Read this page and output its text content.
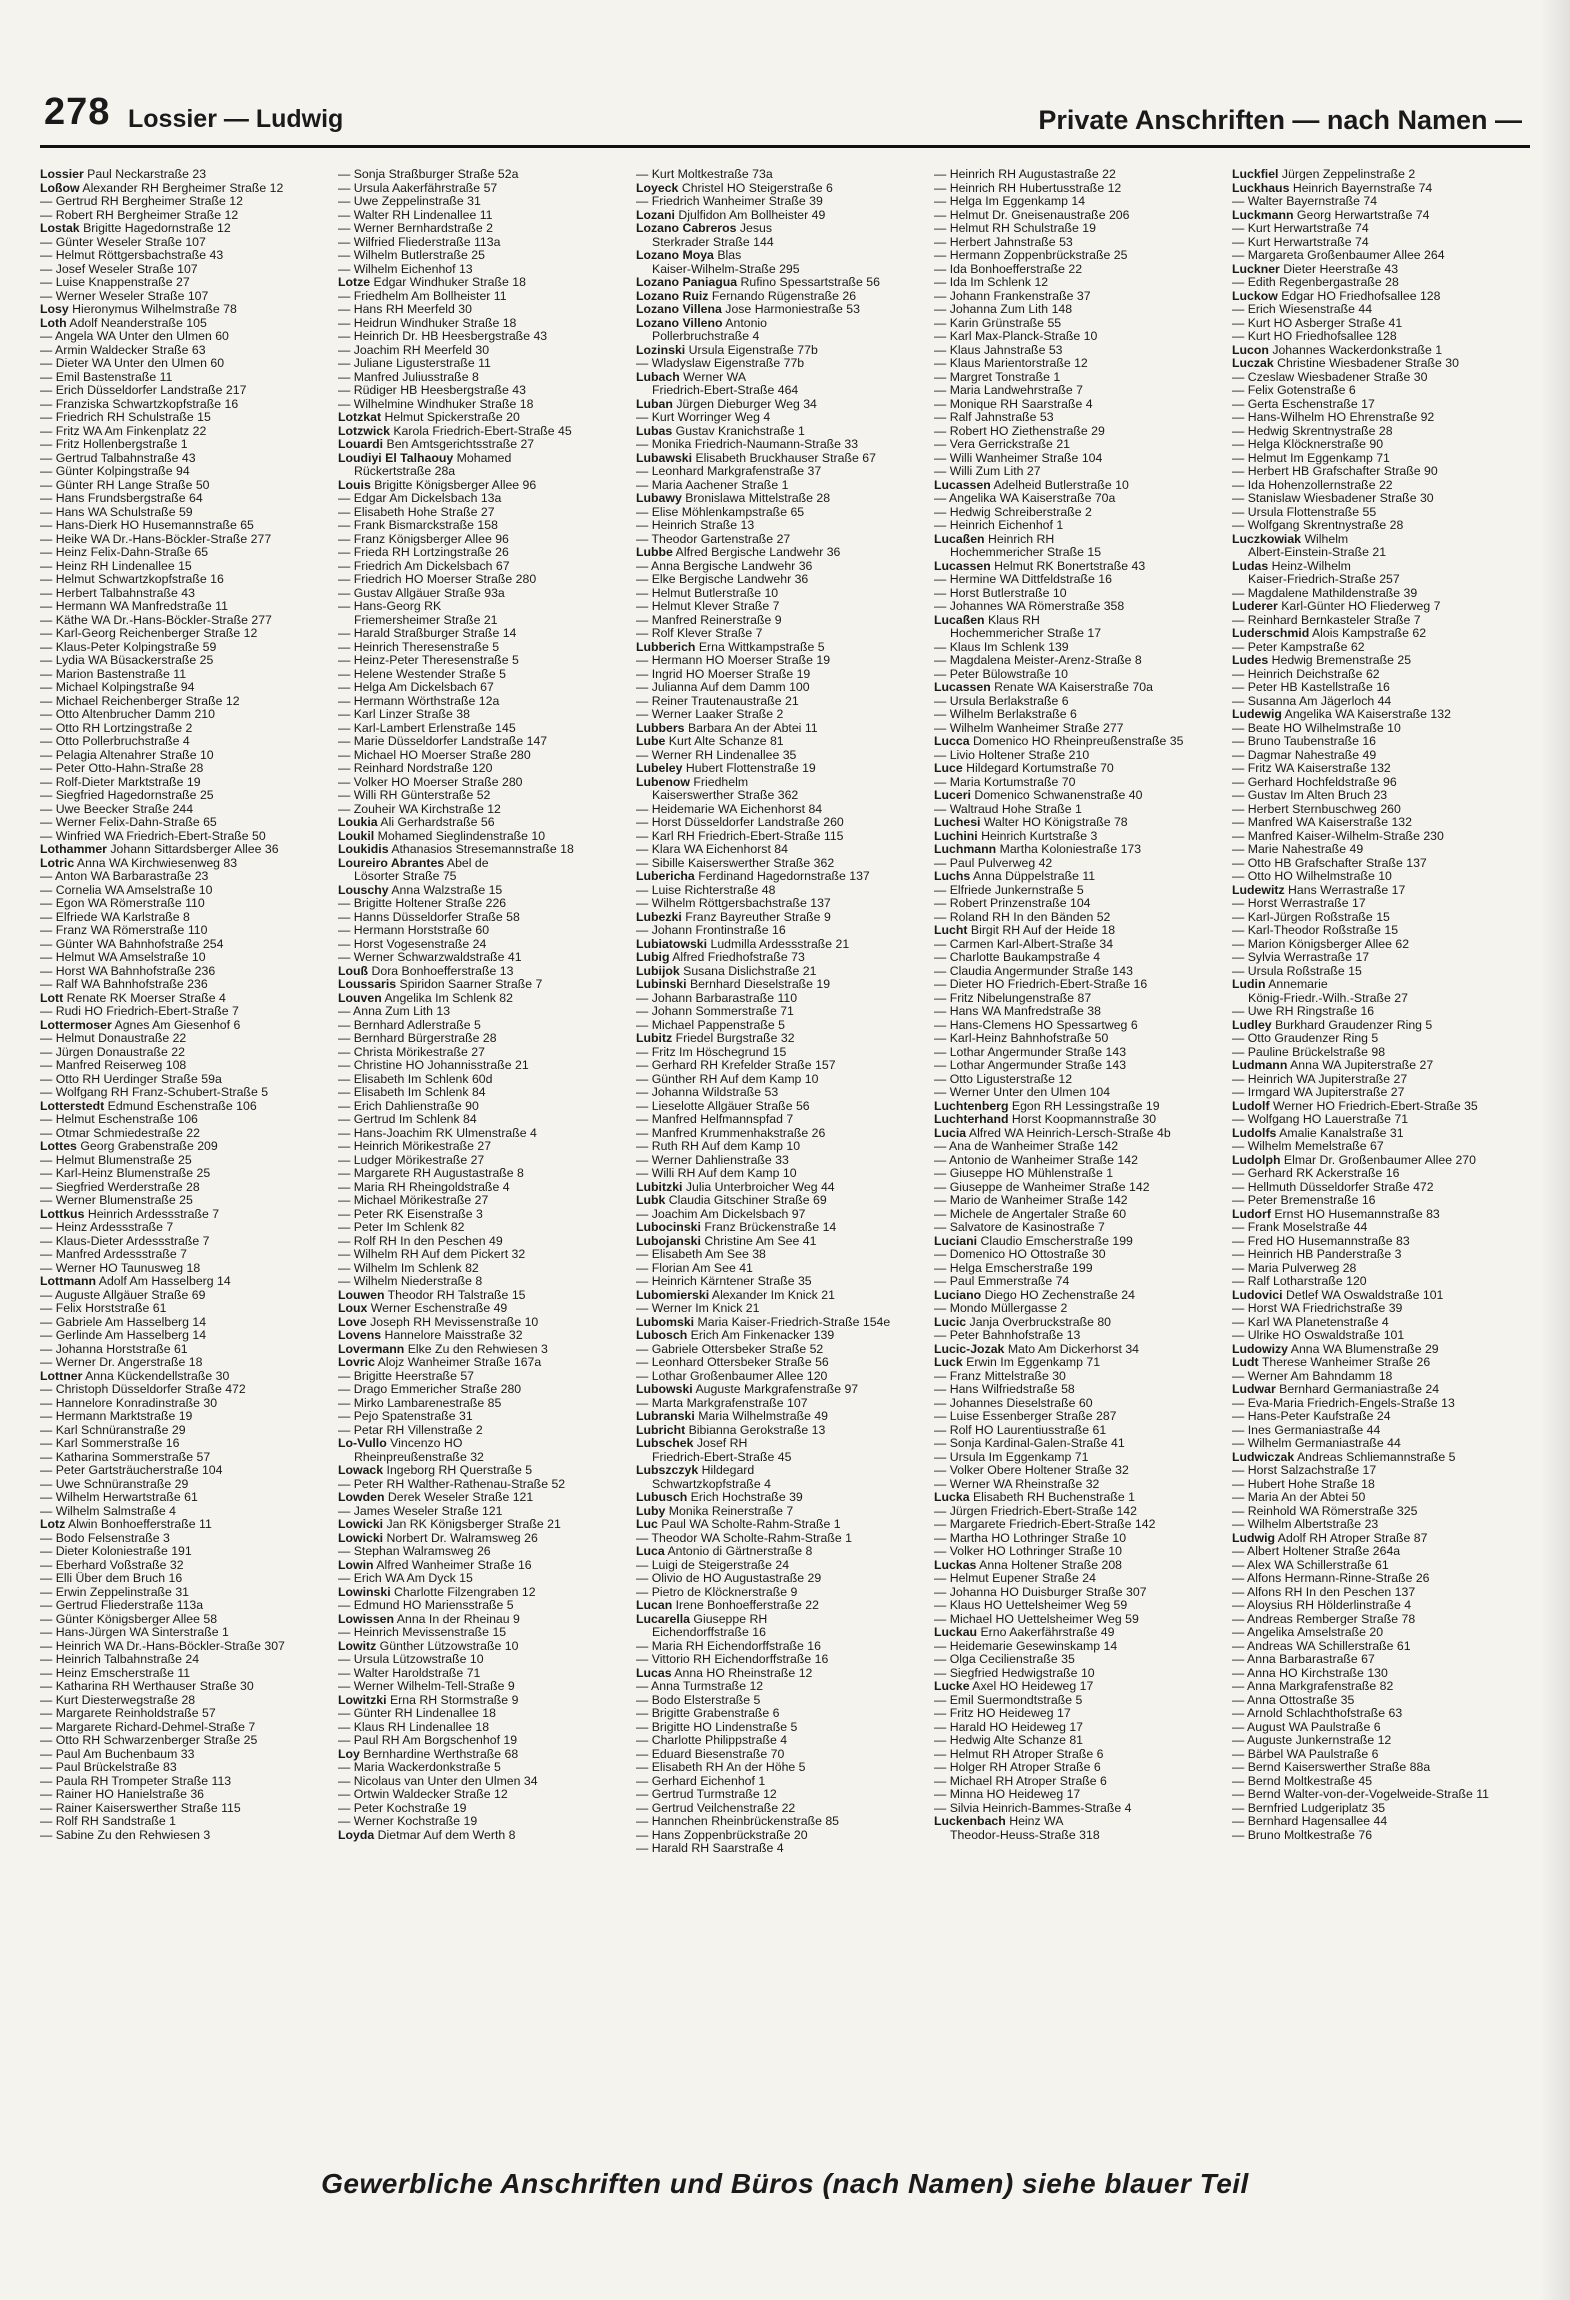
278 Lossier — Ludwig	Private Anschriften — nach Namen —
Lossier Paul Neckarstraße 23
Loßow Alexander RH Bergheimer Straße 12
— Gertrud RH Bergheimer Straße 12
— Robert RH Bergheimer Straße 12
Lostak Brigitte Hagedornstraße 12
— Günter Weseler Straße 107
— Helmut Röttgersbachstraße 43
— Josef Weseler Straße 107
— Luise Knappenstraße 27
— Werner Weseler Straße 107
Losy Hieronymus Wilhelmstraße 78
Loth Adolf Neanderstraße 105
— Angela WA Unter den Ulmen 60
— Armin Waldecker Straße 63
— Dieter WA Unter den Ulmen 60
— Emil Bastenstraße 11
— Erich Düsseldorfer Landstraße 217
— Franziska Schwartzkopfstraße 16
— Friedrich RH Schulstraße 15
— Fritz WA Am Finkenplatz 22
— Fritz Hollenbergstraße 1
— Gertrud Talbahnstraße 43
— Günter Kolpingstraße 94
— Günter RH Lange Straße 50
— Hans Frundsbergstraße 64
— Hans WA Schulstraße 59
— Hans-Dierk HO Husemannstraße 65
— Heike WA Dr.-Hans-Böckler-Straße 277
— Heinz Felix-Dahn-Straße 65
— Heinz RH Lindenallee 15
— Helmut Schwartzkopfstraße 16
— Herbert Talbahnstraße 43
— Hermann WA Manfredstraße 11
— Käthe WA Dr.-Hans-Böckler-Straße 277
— Karl-Georg Reichenberger Straße 12
— Klaus-Peter Kolpingstraße 59
— Lydia WA Büsackerstraße 25
— Marion Bastenstraße 11
— Michael Kolpingstraße 94
— Michael Reichenberger Straße 12
— Otto Altenbrucher Damm 210
— Otto RH Lortzingstraße 2
— Otto Pollerbruchstraße 4
— Pelagia Altenahrer Straße 10
— Peter Otto-Hahn-Straße 28
— Rolf-Dieter Marktstraße 19
— Siegfried Hagedornstraße 25
— Uwe Beecker Straße 244
— Werner Felix-Dahn-Straße 65
— Winfried WA Friedrich-Ebert-Straße 50
Lothammer Johann Sittardsberger Allee 36
Lotric Anna WA Kirchwiesenweg 83
— Anton WA Barbarastraße 23
— Cornelia WA Amselstraße 10
— Egon WA Römerstraße 110
— Elfriede WA Karlstraße 8
— Franz WA Römerstraße 110
— Günter WA Bahnhofstraße 254
— Helmut WA Amselstraße 10
— Horst WA Bahnhofstraße 236
— Ralf WA Bahnhofstraße 236
Lott Renate RK Moerser Straße 4
— Rudi HO Friedrich-Ebert-Straße 7
Lottermoser Agnes Am Giesenhof 6
— Helmut Donaustraße 22
— Jürgen Donaustraße 22
— Manfred Reiserweg 108
— Otto RH Uerdinger Straße 59a
— Wolfgang RH Franz-Schubert-Straße 5
Lotterstedt Edmund Eschenstraße 106
— Helmut Eschenstraße 106
— Otmar Schmiedestraße 22
Lottes Georg Grabenstraße 209
— Helmut Blumenstraße 25
— Karl-Heinz Blumenstraße 25
— Siegfried Werderstraße 28
— Werner Blumenstraße 25
Lottkus Heinrich Ardessstraße 7
— Heinz Ardessstraße 7
— Klaus-Dieter Ardessstraße 7
— Manfred Ardessstraße 7
— Werner HO Taunusweg 18
Lottmann Adolf Am Hasselberg 14
— Auguste Allgäuer Straße 69
— Felix Horststraße 61
— Gabriele Am Hasselberg 14
— Gerlinde Am Hasselberg 14
— Johanna Horststraße 61
— Werner Dr. Angerstraße 18
Lottner Anna Kückendellstraße 30
— Christoph Düsseldorfer Straße 472
— Hannelore Konradinstraße 30
— Hermann Marktstraße 19
— Karl Schnüranstraße 29
— Karl Sommerstraße 16
— Katharina Sommerstraße 57
— Peter Gartsträucherstraße 104
— Uwe Schnüranstraße 29
— Wilhelm Herwartstraße 61
— Wilhelm Salmstraße 4
Lotz Alwin Bonhoefferstraße 11
— Bodo Felsenstraße 3
— Dieter Koloniestraße 191
— Eberhard Voßstraße 32
— Elli Über dem Bruch 16
— Erwin Zeppelinstraße 31
— Gertrud Fliederstraße 113a
— Günter Königsberger Allee 58
— Hans-Jürgen WA Sinterstraße 1
— Heinrich WA Dr.-Hans-Böckler-Straße 307
— Heinrich Talbahnstraße 24
— Heinz Emscherstraße 11
— Katharina RH Werthauser Straße 30
— Kurt Diesterwegstraße 28
— Margarete Reinholdstraße 57
— Margarete Richard-Dehmel-Straße 7
— Otto RH Schwarzenberger Straße 25
— Paul Am Buchenbaum 33
— Paul Brückelstraße 83
— Paula RH Trompeter Straße 113
— Rainer HO Hanielstraße 36
— Rainer Kaiserswerther Straße 115
— Rolf RH Sandstraße 1
— Sabine Zu den Rehwiesen 3
— Sonja Straßburger Straße 52a
— Ursula Aakerfährstraße 57
— Uwe Zeppelinstraße 31
— Walter RH Lindenallee 11
— Werner Bernhardstraße 2
— Wilfried Fliederstraße 113a
— Wilhelm Butlerstraße 25
— Wilhelm Eichenhof 13
Lotze Edgar Windhuker Straße 18
— Friedhelm Am Bollheister 11
— Hans RH Meerfeld 30
— Heidrun Windhuker Straße 18
— Heinrich Dr. HB Heesbergstraße 43
— Joachim RH Meerfeld 30
— Juliane Ligusterstraße 11
— Manfred Juliusstraße 8
— Rüdiger HB Heesbergstraße 43
— Wilhelmine Windhuker Straße 18
Lotzkat Helmut Spickerstraße 20
Lotzwick Karola Friedrich-Ebert-Straße 45
Louardi Ben Amtsgerichtsstraße 27
Loudiyi El Talhaouy Mohamed
Rückertstraße 28a
Louis Brigitte Königsberger Allee 96
— Edgar Am Dickelsbach 13a
— Elisabeth Hohe Straße 27
— Frank Bismarckstraße 158
— Franz Königsberger Allee 96
— Frieda RH Lortzingstraße 26
— Friedrich Am Dickelsbach 67
— Friedrich HO Moerser Straße 280
— Gustav Allgäuer Straße 93a
— Hans-Georg RK
Friemersheimer Straße 21
— Harald Straßburger Straße 14
— Heinrich Theresenstraße 5
— Heinz-Peter Theresenstraße 5
— Helene Westender Straße 5
— Helga Am Dickelsbach 67
— Hermann Wörthstraße 12a
— Karl Linzer Straße 38
— Karl-Lambert Erlenstraße 145
— Marie Düsseldorfer Landstraße 147
— Michael HO Moerser Straße 280
— Reinhard Nordstraße 120
— Volker HO Moerser Straße 280
— Willi RH Günterstraße 52
— Zouheir WA Kirchstraße 12
Loukia Ali Gerhardstraße 56
Loukil Mohamed Sieglindenstraße 10
Loukidis Athanasios Stresemannstraße 18
Loureiro Abrantes Abel de
Lösorter Straße 75
Louschy Anna Walzstraße 15
— Brigitte Holtener Straße 226
— Hanns Düsseldorfer Straße 58
— Hermann Horststraße 60
— Horst Vogesenstraße 24
— Werner Schwarzwaldstraße 41
Louß Dora Bonhoefferstraße 13
Loussaris Spiridon Saarner Straße 7
Louven Angelika Im Schlenk 82
— Anna Zum Lith 13
— Bernhard Adlerstraße 5
— Bernhard Bürgerstraße 28
— Christa Mörikestraße 27
— Christine HO Johannisstraße 21
— Elisabeth Im Schlenk 60d
— Elisabeth Im Schlenk 84
— Erich Dahlienstraße 90
— Gertrud Im Schlenk 84
— Hans-Joachim RK Ulmenstraße 4
— Heinrich Mörikestraße 27
— Ludger Mörikestraße 27
— Margarete RH Augustastraße 8
— Maria RH Rheingoldstraße 4
— Michael Mörikestraße 27
— Peter RK Eisenstraße 3
— Peter Im Schlenk 82
— Rolf RH In den Peschen 49
— Wilhelm RH Auf dem Pickert 32
— Wilhelm Im Schlenk 82
— Wilhelm Niederstraße 8
Louwen Theodor RH Talstraße 15
Loux Werner Eschenstraße 49
Love Joseph RH Mevissenstraße 10
Lovens Hannelore Maisstraße 32
Lovermann Elke Zu den Rehwiesen 3
Lovric Alojz Wanheimer Straße 167a
— Brigitte Heerstraße 57
— Drago Emmericher Straße 280
— Mirko Lambarenestraße 85
— Pejo Spatenstraße 31
— Petar RH Villenstraße 2
Lo-Vullo Vincenzo HO
Rheinpreußenstraße 32
Lowack Ingeborg RH Querstraße 5
— Peter RH Walther-Rathenau-Straße 52
Lowden Derek Weseler Straße 121
— James Weseler Straße 121
Lowicki Jan RK Königsberger Straße 21
Lowicki Norbert Dr. Walramsweg 26
— Stephan Walramsweg 26
Lowin Alfred Wanheimer Straße 16
— Erich WA Am Dyck 15
Lowinski Charlotte Filzengraben 12
— Edmund HO Mariensstraße 5
Lowissen Anna In der Rheinau 9
— Heinrich Mevissenstraße 15
Lowitz Günther Lützowstraße 10
— Ursula Lützowstraße 10
— Walter Haroldstraße 71
— Werner Wilhelm-Tell-Straße 9
Lowitzki Erna RH Stormstraße 9
— Günter RH Lindenallee 18
— Klaus RH Lindenallee 18
— Paul RH Am Borgschenhof 19
Loy Bernhardine Werthstraße 68
— Maria Wackerdonkstraße 5
— Nicolaus van Unter den Ulmen 34
— Ortwin Waldecker Straße 12
— Peter Kochstraße 19
— Werner Kochstraße 19
Loyda Dietmar Auf dem Werth 8
— Kurt Moltkestraße 73a
Loyeck Christel HO Steigerstraße 6
— Friedrich Wanheimer Straße 39
Lozani Djulfidon Am Bollheister 49
Lozano Cabreros Jesus
Sterkrader Straße 144
Lozano Moya Blas
Kaiser-Wilhelm-Straße 295
Lozano Paniagua Rufino Spessartstraße 56
Lozano Ruiz Fernando Rügenstraße 26
Lozano Villena Jose Harmoniestraße 53
Lozano Villeno Antonio
Pollerbruchstraße 4
Lozinski Ursula Eigenstraße 77b
— Wladyslaw Eigenstraße 77b
Lubach Werner WA
Friedrich-Ebert-Straße 464
Luban Jürgen Dieburger Weg 34
— Kurt Worringer Weg 4
Lubas Gustav Kranichstraße 1
— Monika Friedrich-Naumann-Straße 33
Lubawski Elisabeth Bruckhauser Straße 67
— Leonhard Markgrafenstraße 37
— Maria Aachener Straße 1
Lubawy Bronislawa Mittelstraße 28
— Elise Möhlenkampstraße 65
— Heinrich Straße 13
— Theodor Gartenstraße 27
Lubbe Alfred Bergische Landwehr 36
— Anna Bergische Landwehr 36
— Elke Bergische Landwehr 36
— Helmut Butlerstraße 10
— Helmut Klever Straße 7
— Manfred Reinerstraße 9
— Rolf Klever Straße 7
Lubberich Erna Wittkampstraße 5
— Hermann HO Moerser Straße 19
— Ingrid HO Moerser Straße 19
— Julianna Auf dem Damm 100
— Reiner Trautenaustraße 21
— Werner Laaker Straße 2
Lubbers Barbara An der Abtei 11
Lube Kurt Alte Schanze 81
— Werner RH Lindenallee 35
Lubeley Hubert Flottenstraße 19
Lubenow Friedhelm
Kaiserswerther Straße 362
— Heidemarie WA Eichenhorst 84
— Horst Düsseldorfer Landstraße 260
— Karl RH Friedrich-Ebert-Straße 115
— Klara WA Eichenhorst 84
— Sibille Kaiserswerther Straße 362
Lubericha Ferdinand Hagedornstraße 137
— Luise Richterstraße 48
— Wilhelm Röttgersbachstraße 137
Lubezki Franz Bayreuther Straße 9
— Johann Frontinstraße 16
Lubiatowski Ludmilla Ardessstraße 21
Lubig Alfred Friedhofstraße 73
Lubijok Susana Dislichstraße 21
Lubinski Bernhard Dieselstraße 19
— Johann Barbarastraße 110
— Johann Sommerstraße 71
— Michael Pappenstraße 5
Lubitz Friedel Burgstraße 32
— Fritz Im Höschegrund 15
— Gerhard RH Krefelder Straße 157
— Günther RH Auf dem Kamp 10
— Johanna Wildstraße 53
— Lieselotte Allgäuer Straße 56
— Manfred Helfmannspfad 7
— Manfred Krummenhakstraße 26
— Ruth RH Auf dem Kamp 10
— Werner Dahlienstraße 33
— Willi RH Auf dem Kamp 10
Lubitzki Julia Unterbroicher Weg 44
Lubk Claudia Gitschiner Straße 69
— Joachim Am Dickelsbach 97
Lubocinski Franz Brückenstraße 14
Lubojanski Christine Am See 41
— Elisabeth Am See 38
— Florian Am See 41
— Heinrich Kärntener Straße 35
Lubomierski Alexander Im Knick 21
— Werner Im Knick 21
Lubomski Maria Kaiser-Friedrich-Straße 154e
Lubosch Erich Am Finkenacker 139
— Gabriele Ottersbeker Straße 52
— Leonhard Ottersbeker Straße 56
— Lothar Großenbaumer Allee 120
Lubowski Auguste Markgrafenstraße 97
— Marta Markgrafenstraße 107
Lubranski Maria Wilhelmstraße 49
Lubricht Bibianna Gerokstraße 13
Lubschek Josef RH
Friedrich-Ebert-Straße 45
Lubszczyk Hildegard
Schwartzkopfstraße 4
Lubusch Erich Hochstraße 39
Luby Monika Reinerstraße 7
Luc Paul WA Scholte-Rahm-Straße 1
— Theodor WA Scholte-Rahm-Straße 1
Luca Antonio di Gärtnerstraße 8
— Luigi de Steigerstraße 24
— Olivio de HO Augustastraße 29
— Pietro de Klöcknerstraße 9
Lucan Irene Bonhoefferstraße 22
Lucarella Giuseppe RH
Eichendorffstraße 16
— Maria RH Eichendorffstraße 16
— Vittorio RH Eichendorffstraße 16
Lucas Anna HO Rheinstraße 12
— Anna Turmstraße 12
— Bodo Elsterstraße 5
— Brigitte Grabenstraße 6
— Brigitte HO Lindenstraße 5
— Charlotte Philippstraße 4
— Eduard Biesenstraße 70
— Elisabeth RH An der Höhe 5
— Gerhard Eichenhof 1
— Gertrud Turmstraße 12
— Gertrud Veilchenstraße 22
— Hannchen Rheinbrückenstraße 85
— Hans Zoppenbrückstraße 20
— Harald RH Saarstraße 4
— Heinrich RH Augustastraße 22
— Heinrich RH Hubertusstraße 12
— Helga Im Eggenkamp 14
— Helmut Dr. Gneisenaustraße 206
— Helmut RH Schulstraße 19
— Herbert Jahnstraße 53
— Hermann Zoppenbrückstraße 25
— Ida Bonhoefferstraße 22
— Ida Im Schlenk 12
— Johann Frankenstraße 37
— Johanna Zum Lith 148
— Karin Grünstraße 55
— Karl Max-Planck-Straße 10
— Klaus Jahnstraße 53
— Klaus Marientorstraße 12
— Margret Tonstraße 1
— Maria Landwehrstraße 7
— Monique RH Saarstraße 4
— Ralf Jahnstraße 53
— Robert HO Ziethenstraße 29
— Vera Gerrickstraße 21
— Willi Wanheimer Straße 104
— Willi Zum Lith 27
Lucassen Adelheid Butlerstraße 10
— Angelika WA Kaiserstraße 70a
— Hedwig Schreiberstraße 2
— Heinrich Eichenhof 1
Lucaßen Heinrich RH
Hochemmericher Straße 15
Lucassen Helmut RK Bonertstraße 43
— Hermine WA Dittfeldstraße 16
— Horst Butlerstraße 10
— Johannes WA Römerstraße 358
Lucaßen Klaus RH
Hochemmericher Straße 17
— Klaus Im Schlenk 139
— Magdalena Meister-Arenz-Straße 8
— Peter Bülowstraße 10
Lucassen Renate WA Kaiserstraße 70a
— Ursula Berlakstraße 6
— Wilhelm Berlakstraße 6
— Wilhelm Wanheimer Straße 277
Lucca Domenico HO Rheinpreußenstraße 35
— Livio Holtener Straße 210
Luce Hildegard Kortumstraße 70
— Maria Kortumstraße 70
Luceri Domenico Schwanenstraße 40
— Waltraud Hohe Straße 1
Luchesi Walter HO Königstraße 78
Luchini Heinrich Kurtstraße 3
Luchmann Martha Koloniestraße 173
— Paul Pulverweg 42
Luchs Anna Düppelstraße 11
— Elfriede Junkernstraße 5
— Robert Prinzenstraße 104
— Roland RH In den Bänden 52
Lucht Birgit RH Auf der Heide 18
— Carmen Karl-Albert-Straße 34
— Charlotte Baukampstraße 4
— Claudia Angermunder Straße 143
— Dieter HO Friedrich-Ebert-Straße 16
— Fritz Nibelungenstraße 87
— Hans WA Manfredstraße 38
— Hans-Clemens HO Spessartweg 6
— Karl-Heinz Bahnhofstraße 50
— Lothar Angermunder Straße 143
— Lothar Angermunder Straße 143
— Otto Ligusterstraße 12
— Werner Unter den Ulmen 104
Luchtenberg Egon RH Lessingstraße 19
Luchterhand Horst Koopmannstraße 30
Lucia Alfred WA Heinrich-Lersch-Straße 4b
— Ana de Wanheimer Straße 142
— Antonio de Wanheimer Straße 142
— Giuseppe HO Mühlenstraße 1
— Giuseppe de Wanheimer Straße 142
— Mario de Wanheimer Straße 142
— Michele de Angertaler Straße 60
— Salvatore de Kasinostraße 7
Luciani Claudio Emscherstraße 199
— Domenico HO Ottostraße 30
— Helga Emscherstraße 199
— Paul Emmerstraße 74
Luciano Diego HO Zechenstraße 24
— Mondo Müllergasse 2
Lucic Janja Overbruckstraße 80
— Peter Bahnhofstraße 13
Lucic-Jozak Mato Am Dickerhorst 34
Luck Erwin Im Eggenkamp 71
— Franz Mittelstraße 30
— Hans Wilfriedstraße 58
— Johannes Dieselstraße 60
— Luise Essenberger Straße 287
— Rolf HO Laurentiusstraße 61
— Sonja Kardinal-Galen-Straße 41
— Ursula Im Eggenkamp 71
— Volker Obere Holtener Straße 32
— Werner WA Rheinstraße 32
Lucka Elisabeth RH Buchenstraße 1
— Jürgen Friedrich-Ebert-Straße 142
— Margarete Friedrich-Ebert-Straße 142
— Martha HO Lothringer Straße 10
— Volker HO Lothringer Straße 10
Luckas Anna Holtener Straße 208
— Helmut Eupener Straße 24
— Johanna HO Duisburger Straße 307
— Klaus HO Uettelsheimer Weg 59
— Michael HO Uettelsheimer Weg 59
Luckau Erno Aakerfährstraße 49
— Heidemarie Gesewinskamp 14
— Olga Cecilienstraße 35
— Siegfried Hedwigstraße 10
Lucke Axel HO Heideweg 17
— Emil Suermondtstraße 5
— Fritz HO Heideweg 17
— Harald HO Heideweg 17
— Hedwig Alte Schanze 81
— Helmut RH Atroper Straße 6
— Holger RH Atroper Straße 6
— Michael RH Atroper Straße 6
— Minna HO Heideweg 17
— Silvia Heinrich-Bammes-Straße 4
Luckenbach Heinz WA
Theodor-Heuss-Straße 318
Luckfiel Jürgen Zeppelinstraße 2
Luckhaus Heinrich Bayernstraße 74
— Walter Bayernstraße 74
Luckmann Georg Herwartstraße 74
— Kurt Herwartstraße 74
— Kurt Herwartstraße 74
— Margareta Großenbaumer Allee 264
Luckner Dieter Heerstraße 43
— Edith Regenbergastraße 28
Luckow Edgar HO Friedhofsallee 128
— Erich Wiesenstraße 44
— Kurt HO Asberger Straße 41
— Kurt HO Friedhofsallee 128
Lucon Johannes Wackerdonkstraße 1
Luczak Christine Wiesbadener Straße 30
— Czeslaw Wiesbadener Straße 30
— Felix Gotenstraße 6
— Gerta Eschenstraße 17
— Hans-Wilhelm HO Ehrenstraße 92
— Hedwig Skrentnystraße 28
— Helga Klöcknerstraße 90
— Helmut Im Eggenkamp 71
— Herbert HB Grafschafter Straße 90
— Ida Hohenzollernstraße 22
— Stanislaw Wiesbadener Straße 30
— Ursula Flottenstraße 55
— Wolfgang Skrentnystraße 28
Luczkowiak Wilhelm
Albert-Einstein-Straße 21
Ludas Heinz-Wilhelm
Kaiser-Friedrich-Straße 257
— Magdalene Mathildenstraße 39
Luderer Karl-Günter HO Fliederweg 7
— Reinhard Bernkasteler Straße 7
Luderschmid Alois Kampstraße 62
— Peter Kampstraße 62
Ludes Hedwig Bremenstraße 25
— Heinrich Deichstraße 62
— Peter HB Kastellstraße 16
— Susanna Am Jägerloch 44
Ludewig Angelika WA Kaiserstraße 132
— Beate HO Wilhelmstraße 10
— Bruno Taubenstraße 16
— Dagmar Nahestraße 49
— Fritz WA Kaiserstraße 132
— Gerhard Hochfeldstraße 96
— Gustav Im Alten Bruch 23
— Herbert Sternbuschweg 260
— Manfred WA Kaiserstraße 132
— Manfred Kaiser-Wilhelm-Straße 230
— Marie Nahestraße 49
— Otto HB Grafschafter Straße 137
— Otto HO Wilhelmstraße 10
Ludewitz Hans Werrastraße 17
— Horst Werrastraße 17
— Karl-Jürgen Roßstraße 15
— Karl-Theodor Roßstraße 15
— Marion Königsberger Allee 62
— Sylvia Werrastraße 17
— Ursula Roßstraße 15
Ludin Annemarie
König-Friedr.-Wilh.-Straße 27
— Uwe RH Ringstraße 16
Ludley Burkhard Graudenzer Ring 5
— Otto Graudenzer Ring 5
— Pauline Brückelstraße 98
Ludmann Anna WA Jupiterstraße 27
— Heinrich WA Jupiterstraße 27
— Irmgard WA Jupiterstraße 27
Ludolf Werner HO Friedrich-Ebert-Straße 35
— Wolfgang HO Lauerstraße 71
Ludolfs Amalie Kanalstraße 31
— Wilhelm Memelstraße 67
Ludolph Elmar Dr. Großenbaumer Allee 270
— Gerhard RK Ackerstraße 16
— Hellmuth Düsseldorfer Straße 472
— Peter Bremenstraße 16
Ludorf Ernst HO Husemannstraße 83
— Frank Moselstraße 44
— Fred HO Husemannstraße 83
— Heinrich HB Panderstraße 3
— Maria Pulverweg 28
— Ralf Lotharstraße 120
Ludovici Detlef WA Oswaldstraße 101
— Horst WA Friedrichstraße 39
— Karl WA Planetenstraße 4
— Ulrike HO Oswaldstraße 101
Ludowizy Anna WA Blumenstraße 29
Ludt Therese Wanheimer Straße 26
— Werner Am Bahndamm 18
Ludwar Bernhard Germaniastraße 24
— Eva-Maria Friedrich-Engels-Straße 13
— Hans-Peter Kaufstraße 24
— Ines Germaniastraße 44
— Wilhelm Germaniastraße 44
Ludwiczak Andreas Schliemannstraße 5
— Horst Salzachstraße 17
— Hubert Hohe Straße 18
— Maria An der Abtei 50
— Reinhold WA Römerstraße 325
— Wilhelm Albertstraße 23
Ludwig Adolf RH Atroper Straße 87
— Albert Holtener Straße 264a
— Alex WA Schillerstraße 61
— Alfons Hermann-Rinne-Straße 26
— Alfons RH In den Peschen 137
— Aloysius RH Hölderlinstraße 4
— Andreas Remberger Straße 78
— Angelika Amselstraße 20
— Andreas WA Schillerstraße 61
— Anna Barbarastraße 67
— Anna HO Kirchstraße 130
— Anna Markgrafenstraße 82
— Anna Ottostraße 35
— Arnold Schlachthofstraße 63
— August WA Paulstraße 6
— Auguste Junkernstraße 12
— Bärbel WA Paulstraße 6
— Bernd Kaiserswerther Straße 88a
— Bernd Moltkestraße 45
— Bernd Walter-von-der-Vogelweide-Straße 11
— Bernfried Ludgeriplatz 35
— Bernhard Hagensallee 44
— Bruno Moltkestraße 76
Gewerbliche Anschriften und Büros (nach Namen) siehe blauer Teil
